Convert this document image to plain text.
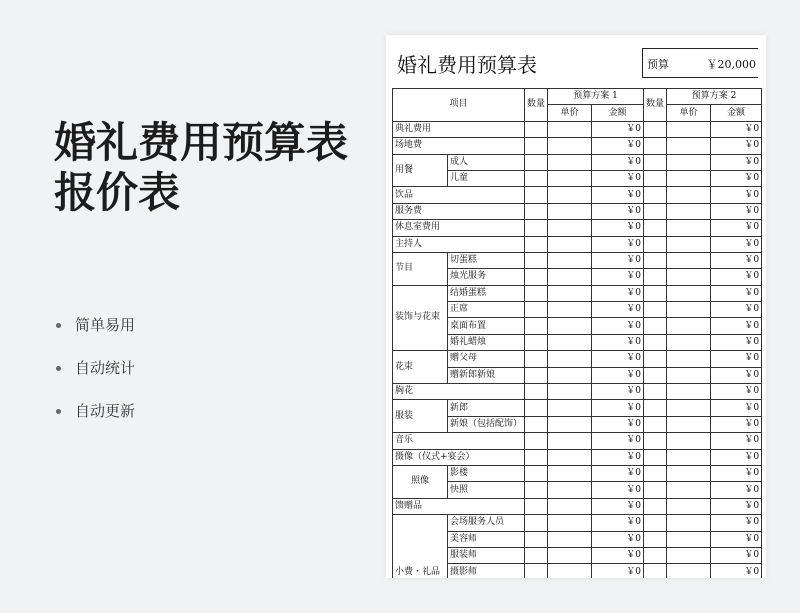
婚礼费用预算表
报价表
简单易用
自动统计
自动更新
婚礼费用预算表	预算	￥20,000
项目		数量	预算方案 1		数量	预算方案 2	
			单价	金额		单价	金额
典礼费用				￥0			￥0
场地费				￥0			￥0
用餐	成人			￥0			￥0
	儿童			￥0			￥0
饮品				￥0			￥0
服务费				￥0			￥0
休息室费用				￥0			￥0
主持人				￥0			￥0
节目	切蛋糕			￥0			￥0
	烛光服务			￥0			￥0
装饰与花束	结婚蛋糕			￥0			￥0
	正席			￥0			￥0
	桌面布置			￥0			￥0
	婚礼蜡烛			￥0			￥0
花束	赠父母			￥0			￥0
	赠新郎新娘			￥0			￥0
胸花				￥0			￥0
服装	新郎			￥0			￥0
	新娘（包括配饰）			￥0			￥0
音乐				￥0			￥0
摄像（仪式+宴会）				￥0			￥0
照像	影楼			￥0			￥0
	快照			￥0			￥0
馈赠品				￥0			￥0
小费・礼品	会场服务人员			￥0			￥0
	美容师			￥0			￥0
	服装师			￥0			￥0
	摄影师			￥0			￥0
